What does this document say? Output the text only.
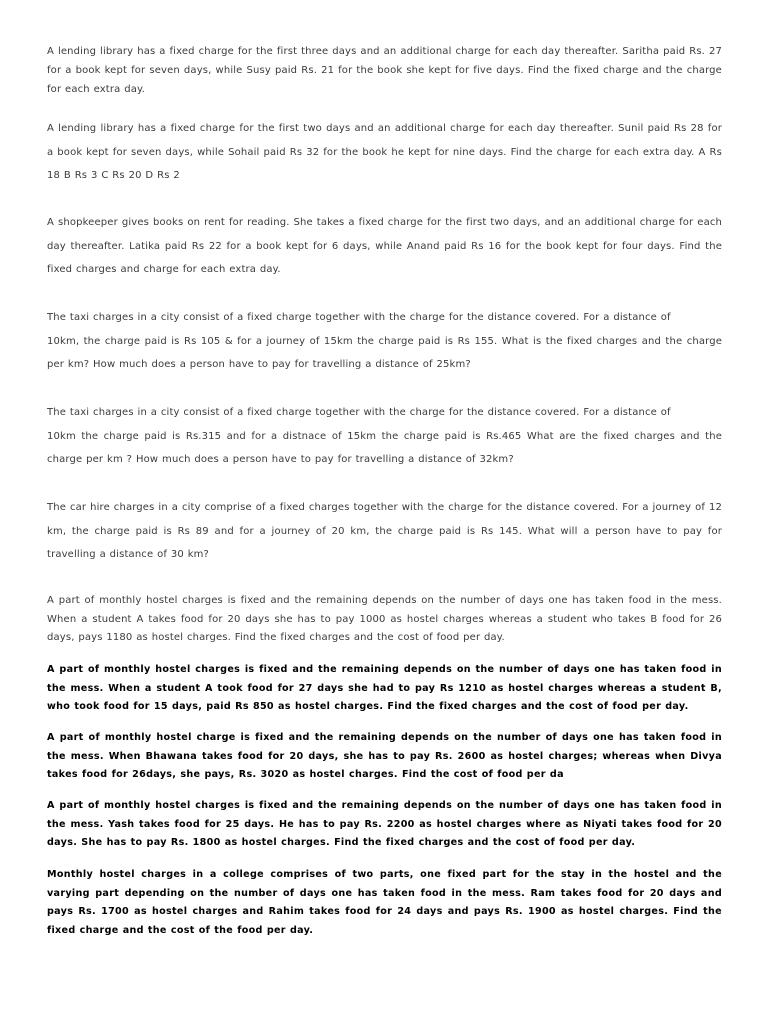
A lending library has a fixed charge for the first three days and an additional charge for each day thereafter. Saritha paid Rs. 27 for a book kept for seven days, while Susy paid Rs. 21 for the book she kept for five days. Find the fixed charge and the charge for each extra day.

A lending library has a fixed charge for the first two days and an additional charge for each day thereafter. Sunil paid Rs 28 for a book kept for seven days, while Sohail paid Rs 32 for the book he kept for nine days. Find the charge for each extra day. A Rs 18 B Rs 3 C Rs 20 D Rs 2

A shopkeeper gives books on rent for reading. She takes a fixed charge for the first two days, and an additional charge for each day thereafter. Latika paid Rs 22 for a book kept for 6 days, while Anand paid Rs 16 for the book kept for four days. Find the fixed charges and charge for each extra day.

The taxi charges in a city consist of a fixed charge together with the charge for the distance covered. For a distance of
10km, the charge paid is Rs 105 & for a journey of 15km the charge paid is Rs 155. What is the fixed charges and the charge per km? How much does a person have to pay for travelling a distance of 25km?

The taxi charges in a city consist of a fixed charge together with the charge for the distance covered. For a distance of
10km the charge paid is Rs.315 and for a distnace of 15km the charge paid is Rs.465 What are the fixed charges and the charge per km ? How much does a person have to pay for travelling a distance of 32km?

The car hire charges in a city comprise of a fixed charges together with the charge for the distance covered. For a journey of 12 km, the charge paid is Rs 89 and for a journey of 20 km, the charge paid is Rs 145. What will a person have to pay for travelling a distance of 30 km?

A part of monthly hostel charges is fixed and the remaining depends on the number of days one has taken food in the mess. When a student A takes food for 20 days she has to pay 1000 as hostel charges whereas a student who takes B food for 26 days, pays 1180 as hostel charges. Find the fixed charges and the cost of food per day.

A part of monthly hostel charges is fixed and the remaining depends on the number of days one has taken food in the mess. When a student A took food for 27 days she had to pay Rs 1210 as hostel charges whereas a student B, who took food for 15 days, paid Rs 850 as hostel charges. Find the fixed charges and the cost of food per day.

A part of monthly hostel charge is fixed and the remaining depends on the number of days one has taken food in the mess. When Bhawana takes food for 20 days, she has to pay Rs. 2600 as hostel charges; whereas when Divya takes food for 26days, she pays, Rs. 3020 as hostel charges. Find the cost of food per da

A part of monthly hostel charges is fixed and the remaining depends on the number of days one has taken food in the mess. Yash takes food for 25 days. He has to pay Rs. 2200 as hostel charges where as Niyati takes food for 20 days. She has to pay Rs. 1800 as hostel charges. Find the fixed charges and the cost of food per day.

Monthly hostel charges in a college comprises of two parts, one fixed part for the stay in the hostel and the varying part depending on the number of days one has taken food in the mess. Ram takes food for 20 days and pays Rs. 1700 as hostel charges and Rahim takes food for 24 days and pays Rs. 1900 as hostel charges. Find the fixed charge and the cost of the food per day.
